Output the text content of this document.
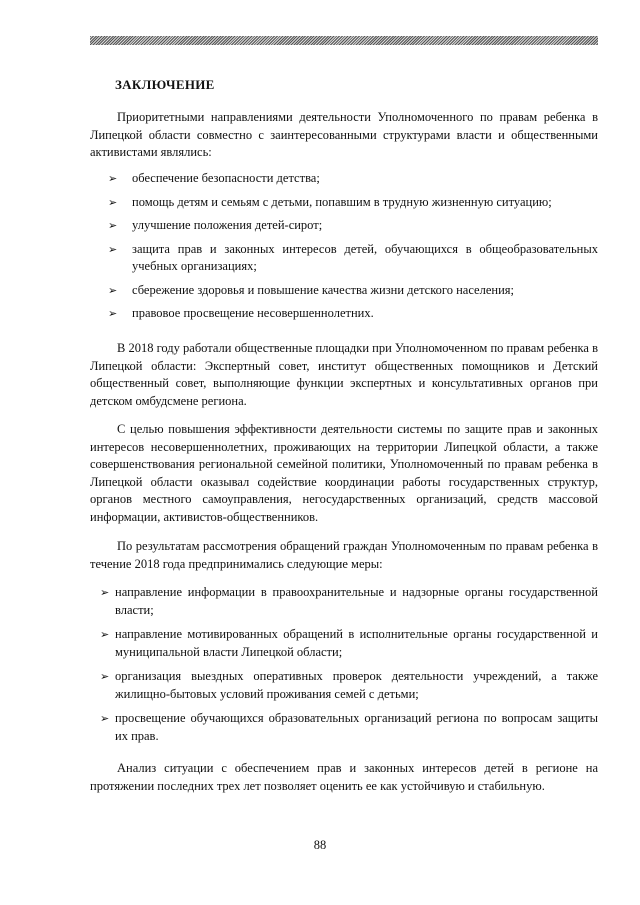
ЗАКЛЮЧЕНИЕ

Приоритетными направлениями деятельности Уполномоченного по правам ребенка в Липецкой области совместно с заинтересованными структурами власти и общественными активистами являлись:

➢ обеспечение безопасности детства;
➢ помощь детям и семьям с детьми, попавшим в трудную жизненную ситуацию;
➢ улучшение положения детей-сирот;
➢ защита прав и законных интересов детей, обучающихся в общеобразовательных учебных организациях;
➢ сбережение здоровья и повышение качества жизни детского населения;
➢ правовое просвещение несовершеннолетних.

В 2018 году работали общественные площадки при Уполномоченном по правам ребенка в Липецкой области: Экспертный совет, институт общественных помощников и Детский общественный совет, выполняющие функции экспертных и консультативных органов при детском омбудсмене региона.

С целью повышения эффективности деятельности системы по защите прав и законных интересов несовершеннолетних, проживающих на территории Липецкой области, а также совершенствования региональной семейной политики, Уполномоченный по правам ребенка в Липецкой области оказывал содействие координации работы государственных структур, органов местного самоуправления, негосударственных организаций, средств массовой информации, активистов-общественников.

По результатам рассмотрения обращений граждан Уполномоченным по правам ребенка в течение 2018 года предпринимались следующие меры:

➢ направление информации в правоохранительные и надзорные органы государственной власти;
➢ направление мотивированных обращений в исполнительные органы государственной и муниципальной власти Липецкой области;
➢ организация выездных оперативных проверок деятельности учреждений, а также жилищно-бытовых условий проживания семей с детьми;
➢ просвещение обучающихся образовательных организаций региона по вопросам защиты их прав.

Анализ ситуации с обеспечением прав и законных интересов детей в регионе на протяжении последних трех лет позволяет оценить ее как устойчивую и стабильную.

88
